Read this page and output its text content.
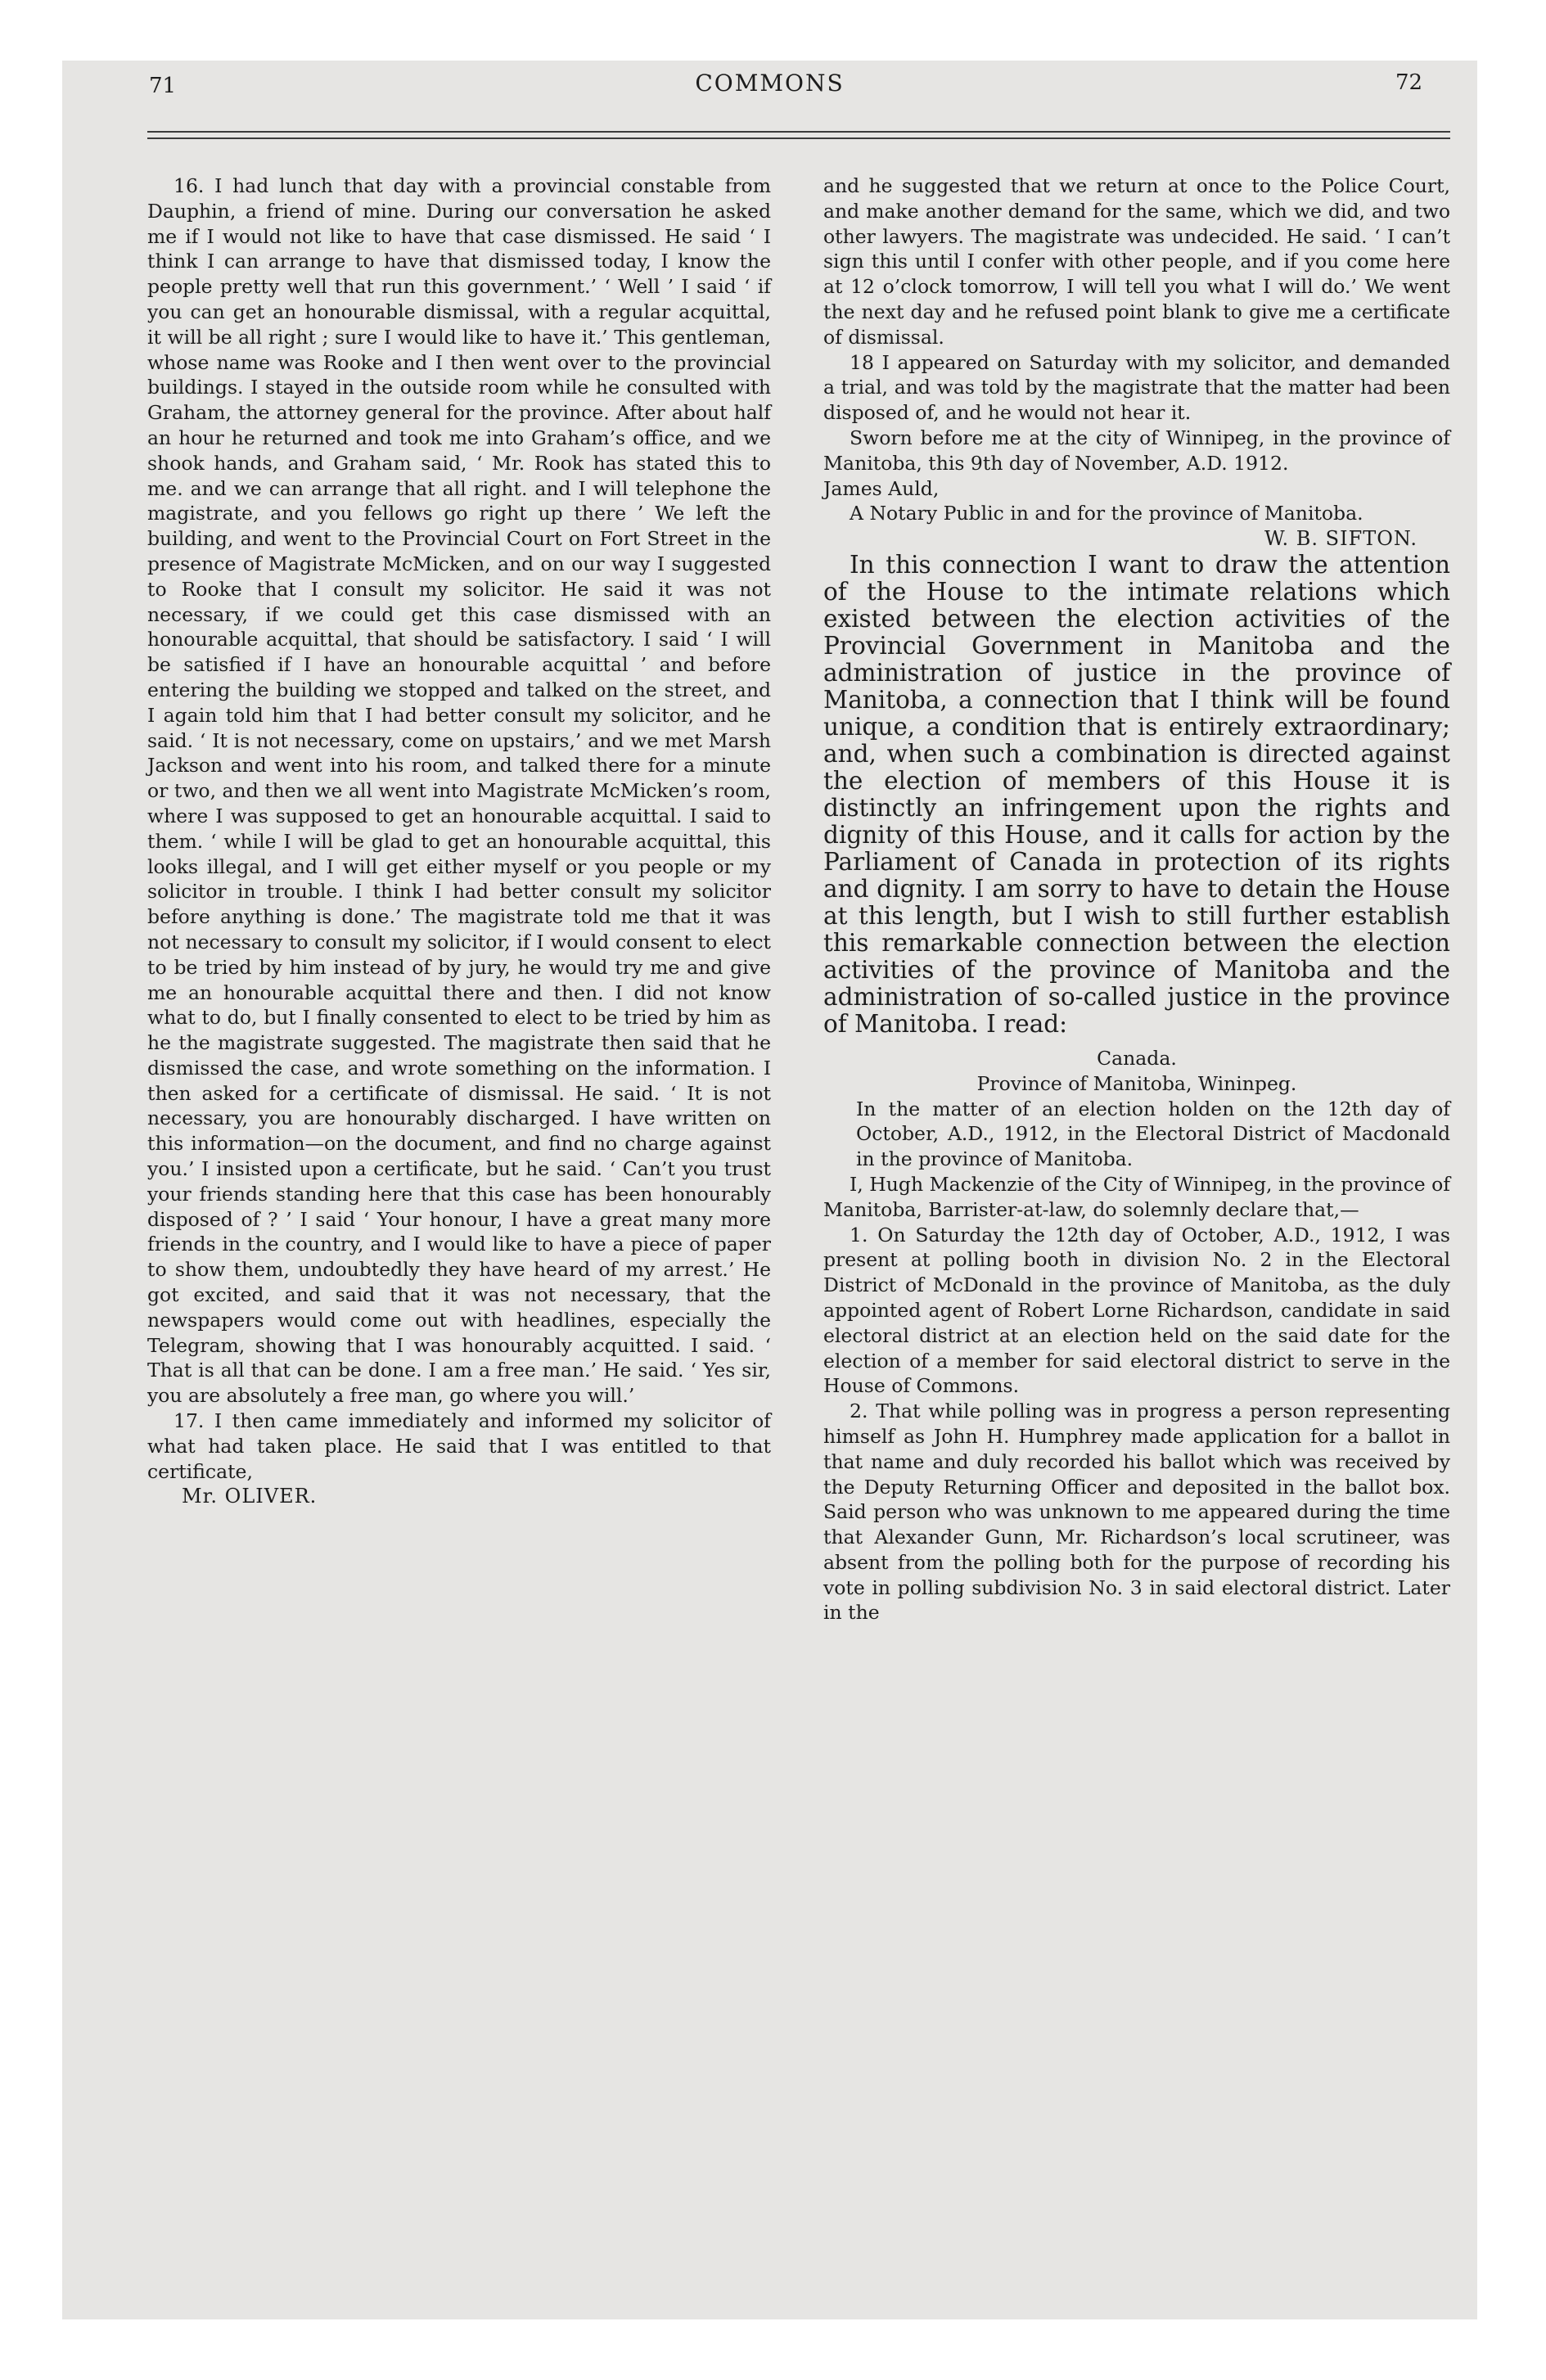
71	COMMONS	72

16. I had lunch that day with a provincial constable from Dauphin, a friend of mine. During our conversation he asked me if I would not like to have that case dismissed. He said ‘ I think I can arrange to have that dismissed today, I know the people pretty well that run this government.’ ‘ Well ’ I said ‘ if you can get an honourable dismissal, with a regular acquittal, it will be all right ; sure I would like to have it.’ This gentleman, whose name was Rooke and I then went over to the provincial buildings. I stayed in the outside room while he consulted with Graham, the attorney general for the province. After about half an hour he returned and took me into Graham’s office, and we shook hands, and Graham said, ‘ Mr. Rook has stated this to me. and we can arrange that all right. and I will telephone the magistrate, and you fellows go right up there ’ We left the building, and went to the Provincial Court on Fort Street in the presence of Magistrate McMicken, and on our way I suggested to Rooke that I consult my solicitor. He said it was not necessary, if we could get this case dismissed with an honourable acquittal, that should be satisfactory. I said ‘ I will be satisfied if I have an honourable acquittal ’ and before entering the building we stopped and talked on the street, and I again told him that I had better consult my solicitor, and he said. ‘ It is not necessary, come on upstairs,’ and we met Marsh Jackson and went into his room, and talked there for a minute or two, and then we all went into Magistrate McMicken’s room, where I was supposed to get an honourable acquittal. I said to them. ‘ while I will be glad to get an honourable acquittal, this looks illegal, and I will get either myself or you people or my solicitor in trouble. I think I had better consult my solicitor before anything is done.’ The magistrate told me that it was not necessary to consult my solicitor, if I would consent to elect to be tried by him instead of by jury, he would try me and give me an honourable acquittal there and then. I did not know what to do, but I finally consented to elect to be tried by him as he the magistrate suggested. The magistrate then said that he dismissed the case, and wrote something on the information. I then asked for a certificate of dismissal. He said. ‘ It is not necessary, you are honourably discharged. I have written on this information—on the document, and find no charge against you.’ I insisted upon a certificate, but he said. ‘ Can’t you trust your friends standing here that this case has been honourably disposed of ? ’ I said ‘ Your honour, I have a great many more friends in the country, and I would like to have a piece of paper to show them, undoubtedly they have heard of my arrest.’ He got excited, and said that it was not necessary, that the newspapers would come out with headlines, especially the Telegram, showing that I was honourably acquitted. I said. ‘ That is all that can be done. I am a free man.’ He said. ‘ Yes sir, you are absolutely a free man, go where you will.’

17. I then came immediately and informed my solicitor of what had taken place. He said that I was entitled to that certificate,

Mr. OLIVER.

and he suggested that we return at once to the Police Court, and make another demand for the same, which we did, and two other lawyers. The magistrate was undecided. He said. ‘ I can’t sign this until I confer with other people, and if you come here at 12 o’clock tomorrow, I will tell you what I will do.’ We went the next day and he refused point blank to give me a certificate of dismissal.

18 I appeared on Saturday with my solicitor, and demanded a trial, and was told by the magistrate that the matter had been disposed of, and he would not hear it.

Sworn before me at the city of Winnipeg, in the province of Manitoba, this 9th day of November, A.D. 1912.

James Auld,

A Notary Public in and for the province of Manitoba.

W. B. SIFTON.

In this connection I want to draw the attention of the House to the intimate relations which existed between the election activities of the Provincial Government in Manitoba and the administration of justice in the province of Manitoba, a connection that I think will be found unique, a condition that is entirely extraordinary; and, when such a combination is directed against the election of members of this House it is distinctly an infringement upon the rights and dignity of this House, and it calls for action by the Parliament of Canada in protection of its rights and dignity. I am sorry to have to detain the House at this length, but I wish to still further establish this remarkable connection between the election activities of the province of Manitoba and the administration of so-called justice in the province of Manitoba. I read:

Canada.

Province of Manitoba, Wininpeg.

In the matter of an election holden on the 12th day of October, A.D., 1912, in the Electoral District of Macdonald in the province of Manitoba.

I, Hugh Mackenzie of the City of Winnipeg, in the province of Manitoba, Barrister-at-law, do solemnly declare that,—

1. On Saturday the 12th day of October, A.D., 1912, I was present at polling booth in division No. 2 in the Electoral District of McDonald in the province of Manitoba, as the duly appointed agent of Robert Lorne Richardson, candidate in said electoral district at an election held on the said date for the election of a member for said electoral district to serve in the House of Commons.

2. That while polling was in progress a person representing himself as John H. Humphrey made application for a ballot in that name and duly recorded his ballot which was received by the Deputy Returning Officer and deposited in the ballot box. Said person who was unknown to me appeared during the time that Alexander Gunn, Mr. Richardson’s local scrutineer, was absent from the polling both for the purpose of recording his vote in polling subdivision No. 3 in said electoral district. Later in the
